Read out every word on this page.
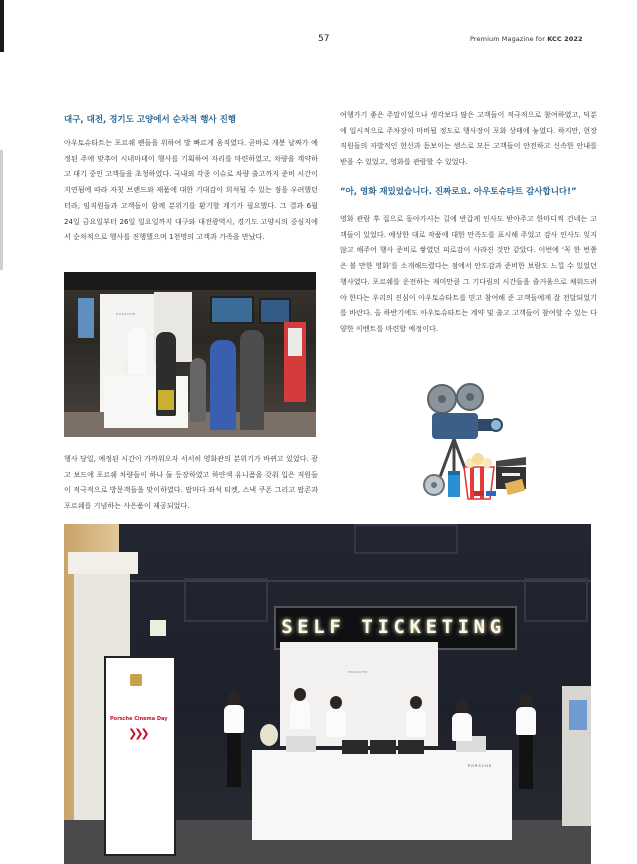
57	Premium Magazine for KCC 2022
대구, 대전, 경기도 고양에서 순차적 행사 진행
아우토슈타트는 포르쉐 팬들을 위하여 발 빠르게 움직였다. 곧바로 개봉 날짜가 예정된 주에 맞추어 시네마데이 행사를 기획하여 자리를 마련하였고, 차량을 계약하고 대기 중인 고객들을 초청하였다. 국내외 각종 이슈로 차량 출고까지 준비 시간이 지연됨에 따라 자칫 브랜드와 제품에 대한 기대감이 희석될 수 있는 점을 우려했던 터라, 임직원들과 고객들이 함께 분위기를 환기할 계기가 필요했다. 그 결과 6월 24일 금요일부터 26일 일요일까지 대구와 대전광역시, 경기도 고양시의 중심지에서 순차적으로 행사를 진행했으며 1천명의 고객과 가족을 만났다.
PORSCHE
행사 당일, 예정된 시간이 가까워오자 서서히 영화관의 분위기가 바뀌고 있었다. 광고 보드에 포르쉐 차량들이 하나 둘 등장하였고 하얀색 유니폼을 갖춰 입은 직원들이 적극적으로 방문객들을 맞이하였다. 팝마다 좌석 티켓, 스낵 쿠폰 그리고 팝콘과 포르쉐를 기념하는 사은품이 제공되었다.
여행가기 좋은 주말이었으나 생각보다 많은 고객들이 적극적으로 참여하였고, 덕분에 일시적으로 주차장이 마비될 정도로 행사장이 포화 상태에 놓였다. 하지만, 현장 직원들의 자발적인 헌신과 돋보이는 센스로 모든 고객들이 안전하고 신속한 안내를 받을 수 있었고, 영화를 관람할 수 있었다.
“아, 영화 재밌었습니다. 진짜로요. 아우토슈타트 감사합니다!”
영화 관람 후 집으로 돌아가시는 길에 반갑게 인사도 받아주고 한마디씩 건네는 고객들이 있었다. 예상한 대로 작품에 대한 만족도를 표시해 주었고 감사 인사도 잊지 않고 해주어 행사 준비로 쌓였던 피로감이 사라진 것만 같았다. 이번에 ‘꼭 한 번쯤은 볼 만한 영화’를 소개해드렸다는 점에서 안도감과 준비한 보람도 느낄 수 있었던 행사였다. 포르쉐를 운전하는 재미만큼 그 기다림의 시간들을 즐거움으로 채워드려야 한다는 우리의 진심이 아우토슈타트를 믿고 참여해 준 고객들에게 잘 전달되었기를 바란다. 올 하반기에도 아우토슈타트는 계약 및 출고 고객들이 참여할 수 있는 다양한 이벤트를 마련할 예정이다.
SELF TICKETING
PORSCHE
Porsche Cinema Day
❯❯❯
PORSCHE
